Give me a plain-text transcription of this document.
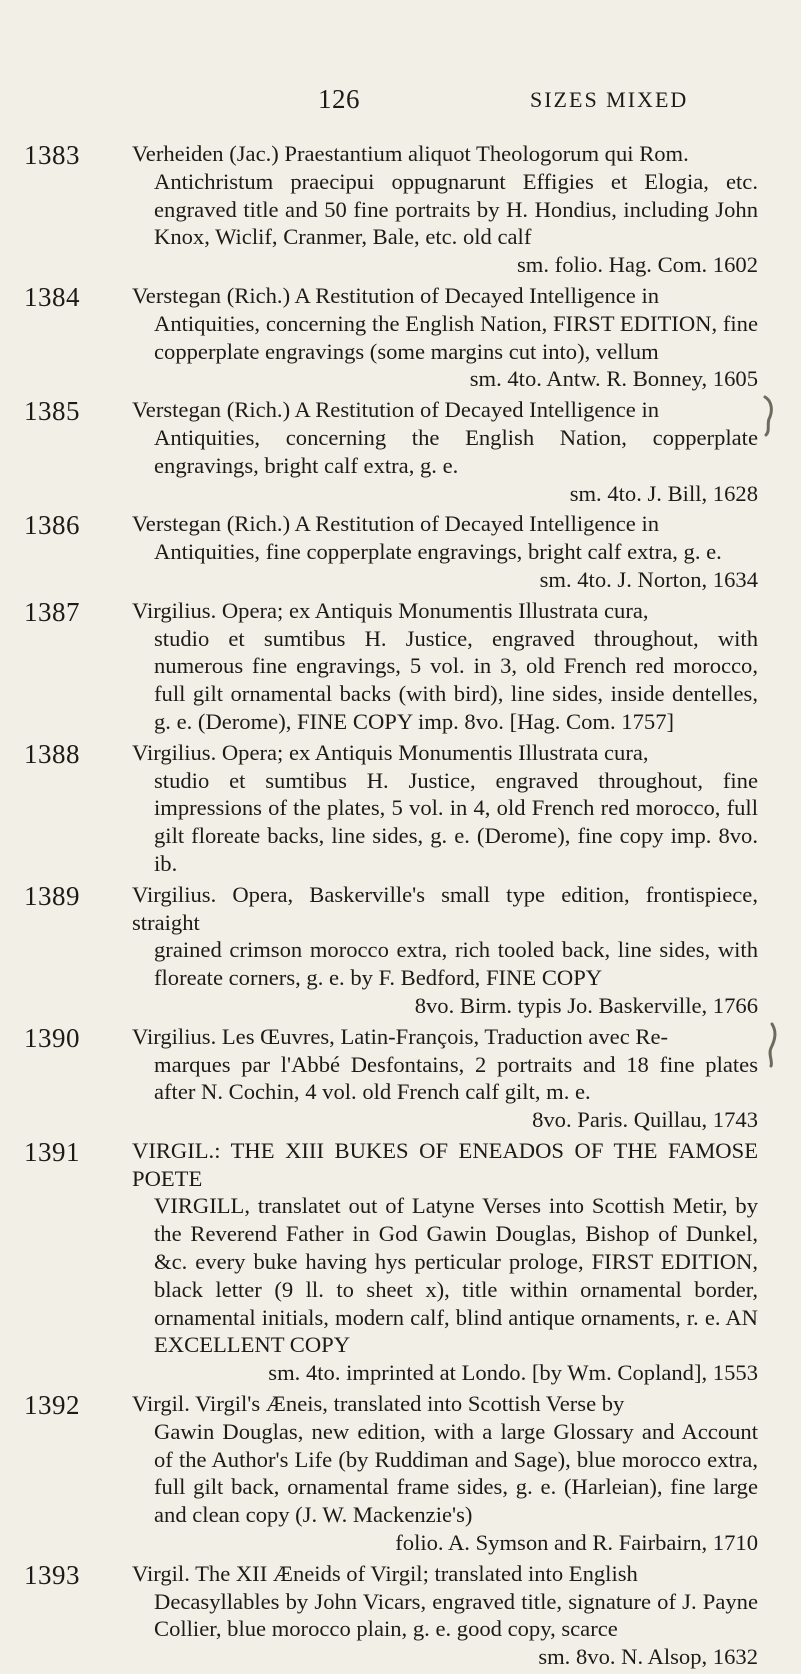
126	SIZES MIXED
1383 Verheiden (Jac.) Praestantium aliquot Theologorum qui Rom.
Antichristum praecipui oppugnarunt Effigies et Elogia, etc. engraved title and 50 fine portraits by H. Hondius, including John Knox, Wiclif, Cranmer, Bale, etc. old calf
sm. folio. Hag. Com. 1602
1384 Verstegan (Rich.) A Restitution of Decayed Intelligence in
Antiquities, concerning the English Nation, FIRST EDITION, fine copperplate engravings (some margins cut into), vellum
sm. 4to. Antw. R. Bonney, 1605
1385 Verstegan (Rich.) A Restitution of Decayed Intelligence in
Antiquities, concerning the English Nation, copperplate engravings, bright calf extra, g. e.
sm. 4to. J. Bill, 1628
1386 Verstegan (Rich.) A Restitution of Decayed Intelligence in
Antiquities, fine copperplate engravings, bright calf extra, g. e.
sm. 4to. J. Norton, 1634
1387 Virgilius. Opera; ex Antiquis Monumentis Illustrata cura,
studio et sumtibus H. Justice, engraved throughout, with numerous fine engravings, 5 vol. in 3, old French red morocco, full gilt ornamental backs (with bird), line sides, inside dentelles, g. e. (Derome), FINE COPY imp. 8vo. [Hag. Com. 1757]
1388 Virgilius. Opera; ex Antiquis Monumentis Illustrata cura,
studio et sumtibus H. Justice, engraved throughout, fine impressions of the plates, 5 vol. in 4, old French red morocco, full gilt floreate backs, line sides, g. e. (Derome), fine copy imp. 8vo. ib.
1389 Virgilius. Opera, Baskerville's small type edition, frontispiece, straight
grained crimson morocco extra, rich tooled back, line sides, with floreate corners, g. e. by F. Bedford, FINE COPY
8vo. Birm. typis Jo. Baskerville, 1766
1390 Virgilius. Les Œuvres, Latin-François, Traduction avec Re-
marques par l'Abbé Desfontains, 2 portraits and 18 fine plates after N. Cochin, 4 vol. old French calf gilt, m. e.
8vo. Paris. Quillau, 1743
1391 VIRGIL.: THE XIII BUKES OF ENEADOS OF THE FAMOSE POETE
VIRGILL, translatet out of Latyne Verses into Scottish Metir, by the Reverend Father in God Gawin Douglas, Bishop of Dunkel, &c. every buke having hys perticular prologe, FIRST EDITION, black letter (9 ll. to sheet x), title within ornamental border, ornamental initials, modern calf, blind antique ornaments, r. e. AN EXCELLENT COPY
sm. 4to. imprinted at Londo. [by Wm. Copland], 1553
1392 Virgil. Virgil's Æneis, translated into Scottish Verse by
Gawin Douglas, new edition, with a large Glossary and Account of the Author's Life (by Ruddiman and Sage), blue morocco extra, full gilt back, ornamental frame sides, g. e. (Harleian), fine large and clean copy (J. W. Mackenzie's)
folio. A. Symson and R. Fairbairn, 1710
1393 Virgil. The XII Æneids of Virgil; translated into English
Decasyllables by John Vicars, engraved title, signature of J. Payne Collier, blue morocco plain, g. e. good copy, scarce
sm. 8vo. N. Alsop, 1632
